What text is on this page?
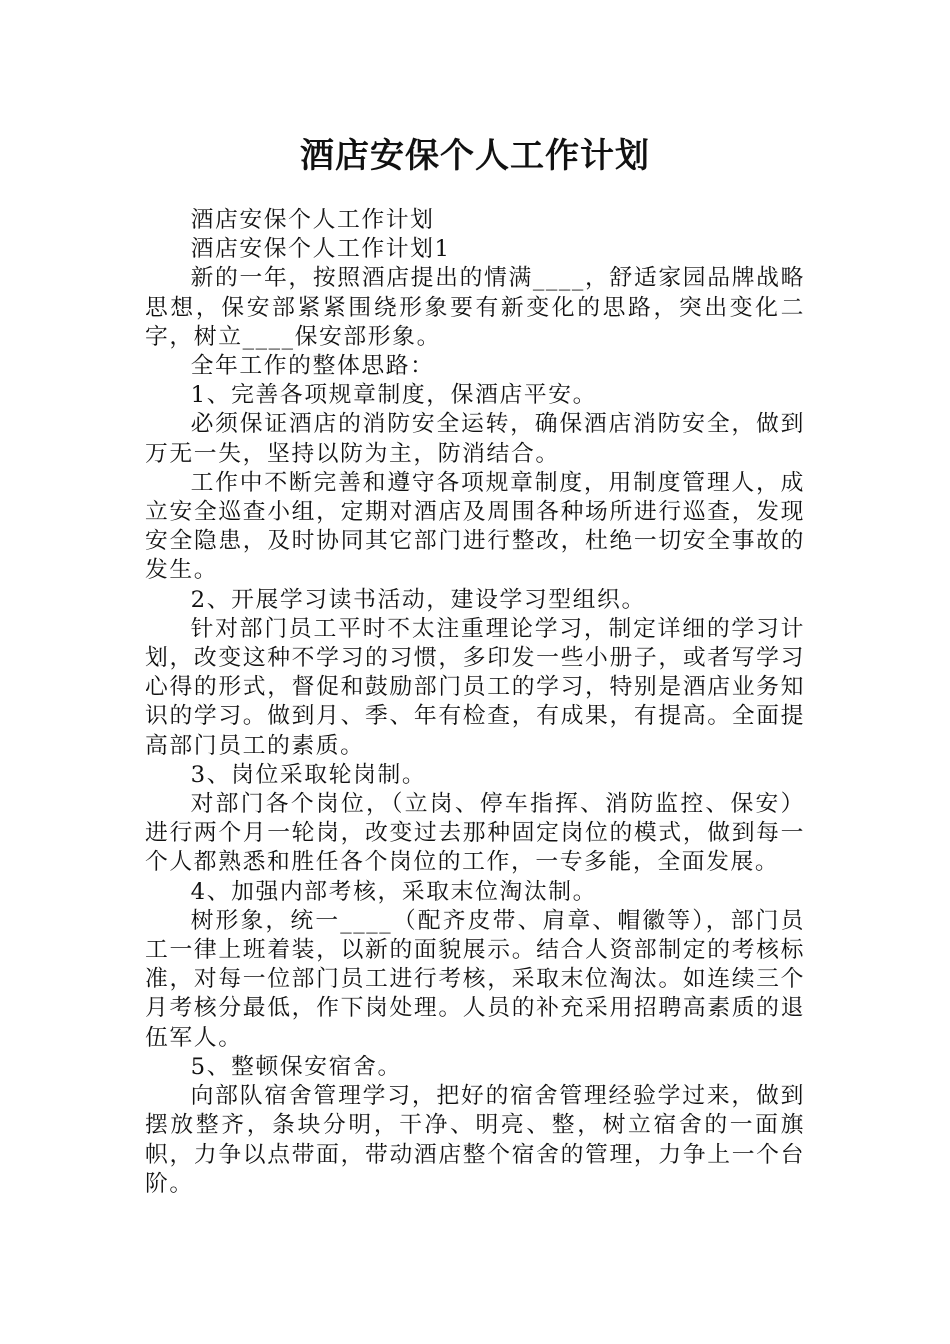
酒店安保个人工作计划

酒店安保个人工作计划

酒店安保个人工作计划1

新的一年，按照酒店提出的情满____，舒适家园品牌战略思想，保安部紧紧围绕形象要有新变化的思路，突出变化二字，树立____保安部形象。

全年工作的整体思路：

1、完善各项规章制度，保酒店平安。

必须保证酒店的消防安全运转，确保酒店消防安全，做到万无一失，坚持以防为主，防消结合。

工作中不断完善和遵守各项规章制度，用制度管理人，成立安全巡查小组，定期对酒店及周围各种场所进行巡查，发现安全隐患，及时协同其它部门进行整改，杜绝一切安全事故的发生。

2、开展学习读书活动，建设学习型组织。

针对部门员工平时不太注重理论学习，制定详细的学习计划，改变这种不学习的习惯，多印发一些小册子，或者写学习心得的形式，督促和鼓励部门员工的学习，特别是酒店业务知识的学习。做到月、季、年有检查，有成果，有提高。全面提高部门员工的素质。

3、岗位采取轮岗制。

对部门各个岗位，（立岗、停车指挥、消防监控、保安）进行两个月一轮岗，改变过去那种固定岗位的模式，做到每一个人都熟悉和胜任各个岗位的工作，一专多能，全面发展。

4、加强内部考核，采取末位淘汰制。

树形象，统一____（配齐皮带、肩章、帽徽等），部门员工一律上班着装，以新的面貌展示。结合人资部制定的考核标准，对每一位部门员工进行考核，采取末位淘汰。如连续三个月考核分最低，作下岗处理。人员的补充采用招聘高素质的退伍军人。

5、整顿保安宿舍。

向部队宿舍管理学习，把好的宿舍管理经验学过来，做到摆放整齐，条块分明，干净、明亮、整，树立宿舍的一面旗帜，力争以点带面，带动酒店整个宿舍的管理，力争上一个台阶。
